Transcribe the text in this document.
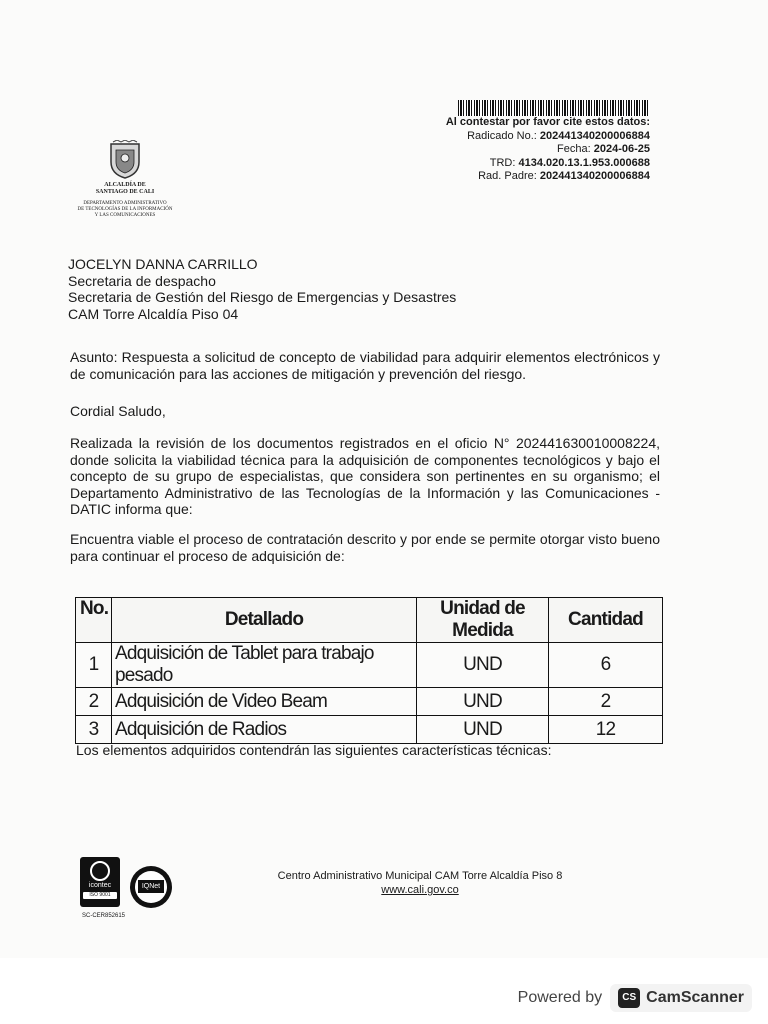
Al contestar por favor cite estos datos:
Radicado No.: 202441340200006884
Fecha: 2024-06-25
TRD: 4134.020.13.1.953.000688
Rad. Padre: 202441340200006884
ALCALDÍA DE
SANTIAGO DE CALI
DEPARTAMENTO ADMINISTRATIVO
DE TECNOLOGÍAS DE LA INFORMACIÓN
Y LAS COMUNICACIONES
JOCELYN DANNA CARRILLO
Secretaria de despacho
Secretaria de Gestión del Riesgo de Emergencias y Desastres
CAM Torre Alcaldía Piso 04
Asunto: Respuesta a solicitud de concepto de viabilidad para adquirir elementos electrónicos y de comunicación para las acciones de mitigación y prevención del riesgo.
Cordial Saludo,
Realizada la revisión de los documentos registrados en el oficio N° 202441630010008224, donde solicita la viabilidad técnica para la adquisición de componentes tecnológicos y bajo el concepto de su grupo de especialistas, que considera son pertinentes en su organismo; el Departamento Administrativo de las Tecnologías de la Información y las Comunicaciones - DATIC informa que:
Encuentra viable el proceso de contratación descrito y por ende se permite otorgar visto bueno para continuar el proceso de adquisición de:
No.	Detallado	Unidad de Medida	Cantidad
1	Adquisición de Tablet para trabajo pesado	UND	6
2	Adquisición de Video Beam	UND	2
3	Adquisición de Radios	UND	12
Los elementos adquiridos contendrán las siguientes características técnicas:
icontec
ISO 9001
IQNet
SC-CER852615
Centro Administrativo Municipal CAM Torre Alcaldía Piso 8
www.cali.gov.co
Powered by	CS CamScanner
